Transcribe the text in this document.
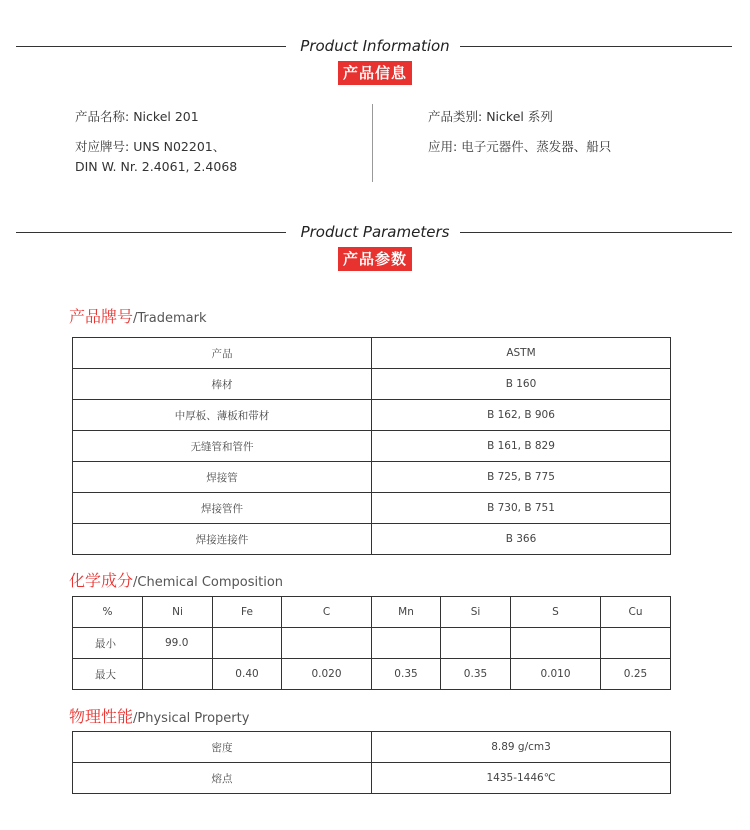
Product Information
产品信息
产品名称: Nickel 201
对应牌号: UNS N02201、
DIN W. Nr. 2.4061, 2.4068
产品类别: Nickel 系列
应用: 电子元器件、蒸发器、船只
Product Parameters
产品参数
产品牌号/Trademark
产品	ASTM
棒材	B 160
中厚板、薄板和带材	B 162, B 906
无缝管和管件	B 161, B 829
焊接管	B 725, B 775
焊接管件	B 730, B 751
焊接连接件	B 366
化学成分/Chemical Composition
%	Ni	Fe	C	Mn	Si	S	Cu
最小	99.0						
最大		0.40	0.020	0.35	0.35	0.010	0.25
物理性能/Physical Property
密度	8.89 g/cm3
熔点	1435-1446℃
